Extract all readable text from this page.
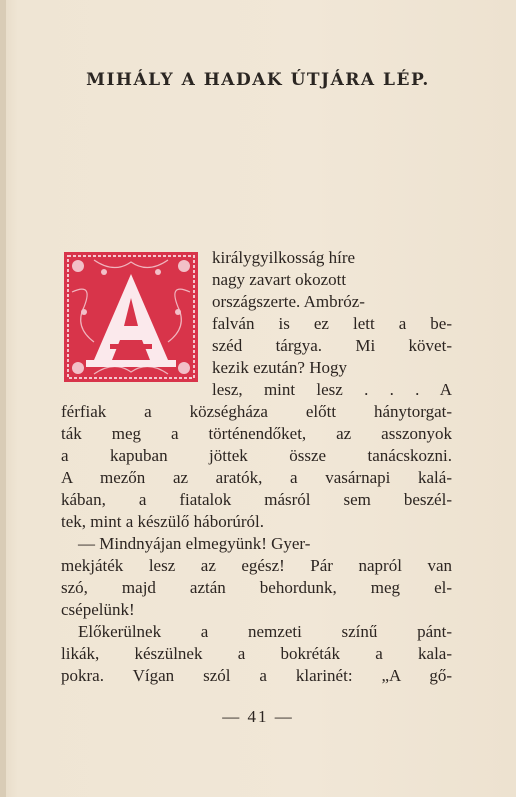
MIHÁLY A HADAK ÚTJÁRA LÉP.
királygyilkosság híre
nagy zavart okozott
országszerte. Ambróz-
falván is ez lett a be-
széd tárgya. Mi követ-
kezik ezután? Hogy
lesz, mint lesz . . . A
férfiak a községháza előtt hánytorgat-
ták meg a történendőket, az asszonyok
a kapuban jöttek össze tanácskozni.
A mezőn az aratók, a vasárnapi kalá-
kában, a fiatalok másról sem beszél-
tek, mint a készülő háborúról.
— Mindnyájan elmegyünk! Gyer-
mekjáték lesz az egész! Pár napról van
szó, majd aztán behordunk, meg el-
csépelünk!
Előkerülnek a nemzeti színű pánt-
likák, készülnek a bokréták a kala-
pokra. Vígan szól a klarinét: „A gő-
— 41 —
